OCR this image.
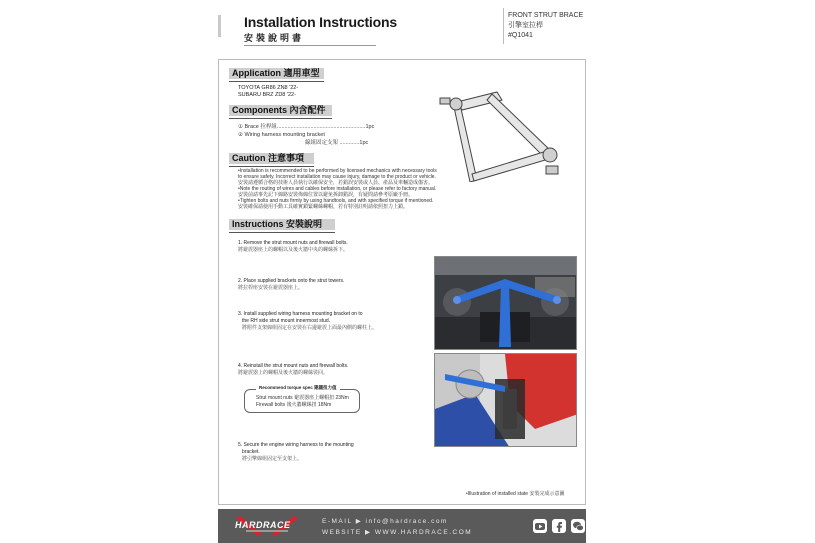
Installation Instructions
安裝說明書
FRONT STRUT BRACE
引擎室拉桿
#Q1041
Application 適用車型
TOYOTA GR86 ZN8 '22-
SUBARU BRZ ZD8 '22-
Components 內含配件
① Brace 拉桿組..........................................................1pc
② Wiring harness mounting bracket
線組固定支架 .............1pc
Caution 注意事項
•Installation is recommended to be performed by licensed mechanics with necessary tools
to ensure safety. Incorrect installation may cause injury, damage to the product or vehicle.
安裝請遵循合格的技術人員執行以確保安全，若錯誤安裝或人員、產品及車輛造成傷害。
•Note the routing of wires and cables before installation, or please refer to factory manual.
安裝前請事先記下線路安裝佈線位置以避免拆卸錯誤，有疑問請參考原廠手冊。
•Tighten bolts and nuts firmly by using handtools, and with specified torque if mentioned.
安裝確保請使用手動工具確實鎖緊螺絲螺帽，若有特別註明請依照扭力上鎖。
Instructions 安裝說明
1. Remove the strut mount nuts and firewall bolts.
將避震器座上的螺帽以及後火牆中央的螺絲拆下。
2. Place supplied brackets onto the strut towers.
將拉桿座安裝在避震器座上。
3. Install supplied wiring harness mounting bracket on to
the RH side strut mount innermost stud.
將附件支架線組固定在安裝在右邊避震上面最內側的螺柱上。
4. Reinstall the strut mount nuts and firewall bolts.
將避震器上的螺帽及後火牆的螺絲裝回。
Recommend torque spec 建議扭力值
Strut mount nuts 避震器座上螺帽扭 23Nm
Firewall bolts 後火牆螺絲扭 18Nm
5. Secure the engine wiring harness to the mounting
bracket.
將引擎線組固定至支架上。
•Illustration of installed state 安裝完成示意圖
HARDRACE	E-MAIL ▶ info@hardrace.com
WEBSITE ▶ WWW.HARDRACE.COM
